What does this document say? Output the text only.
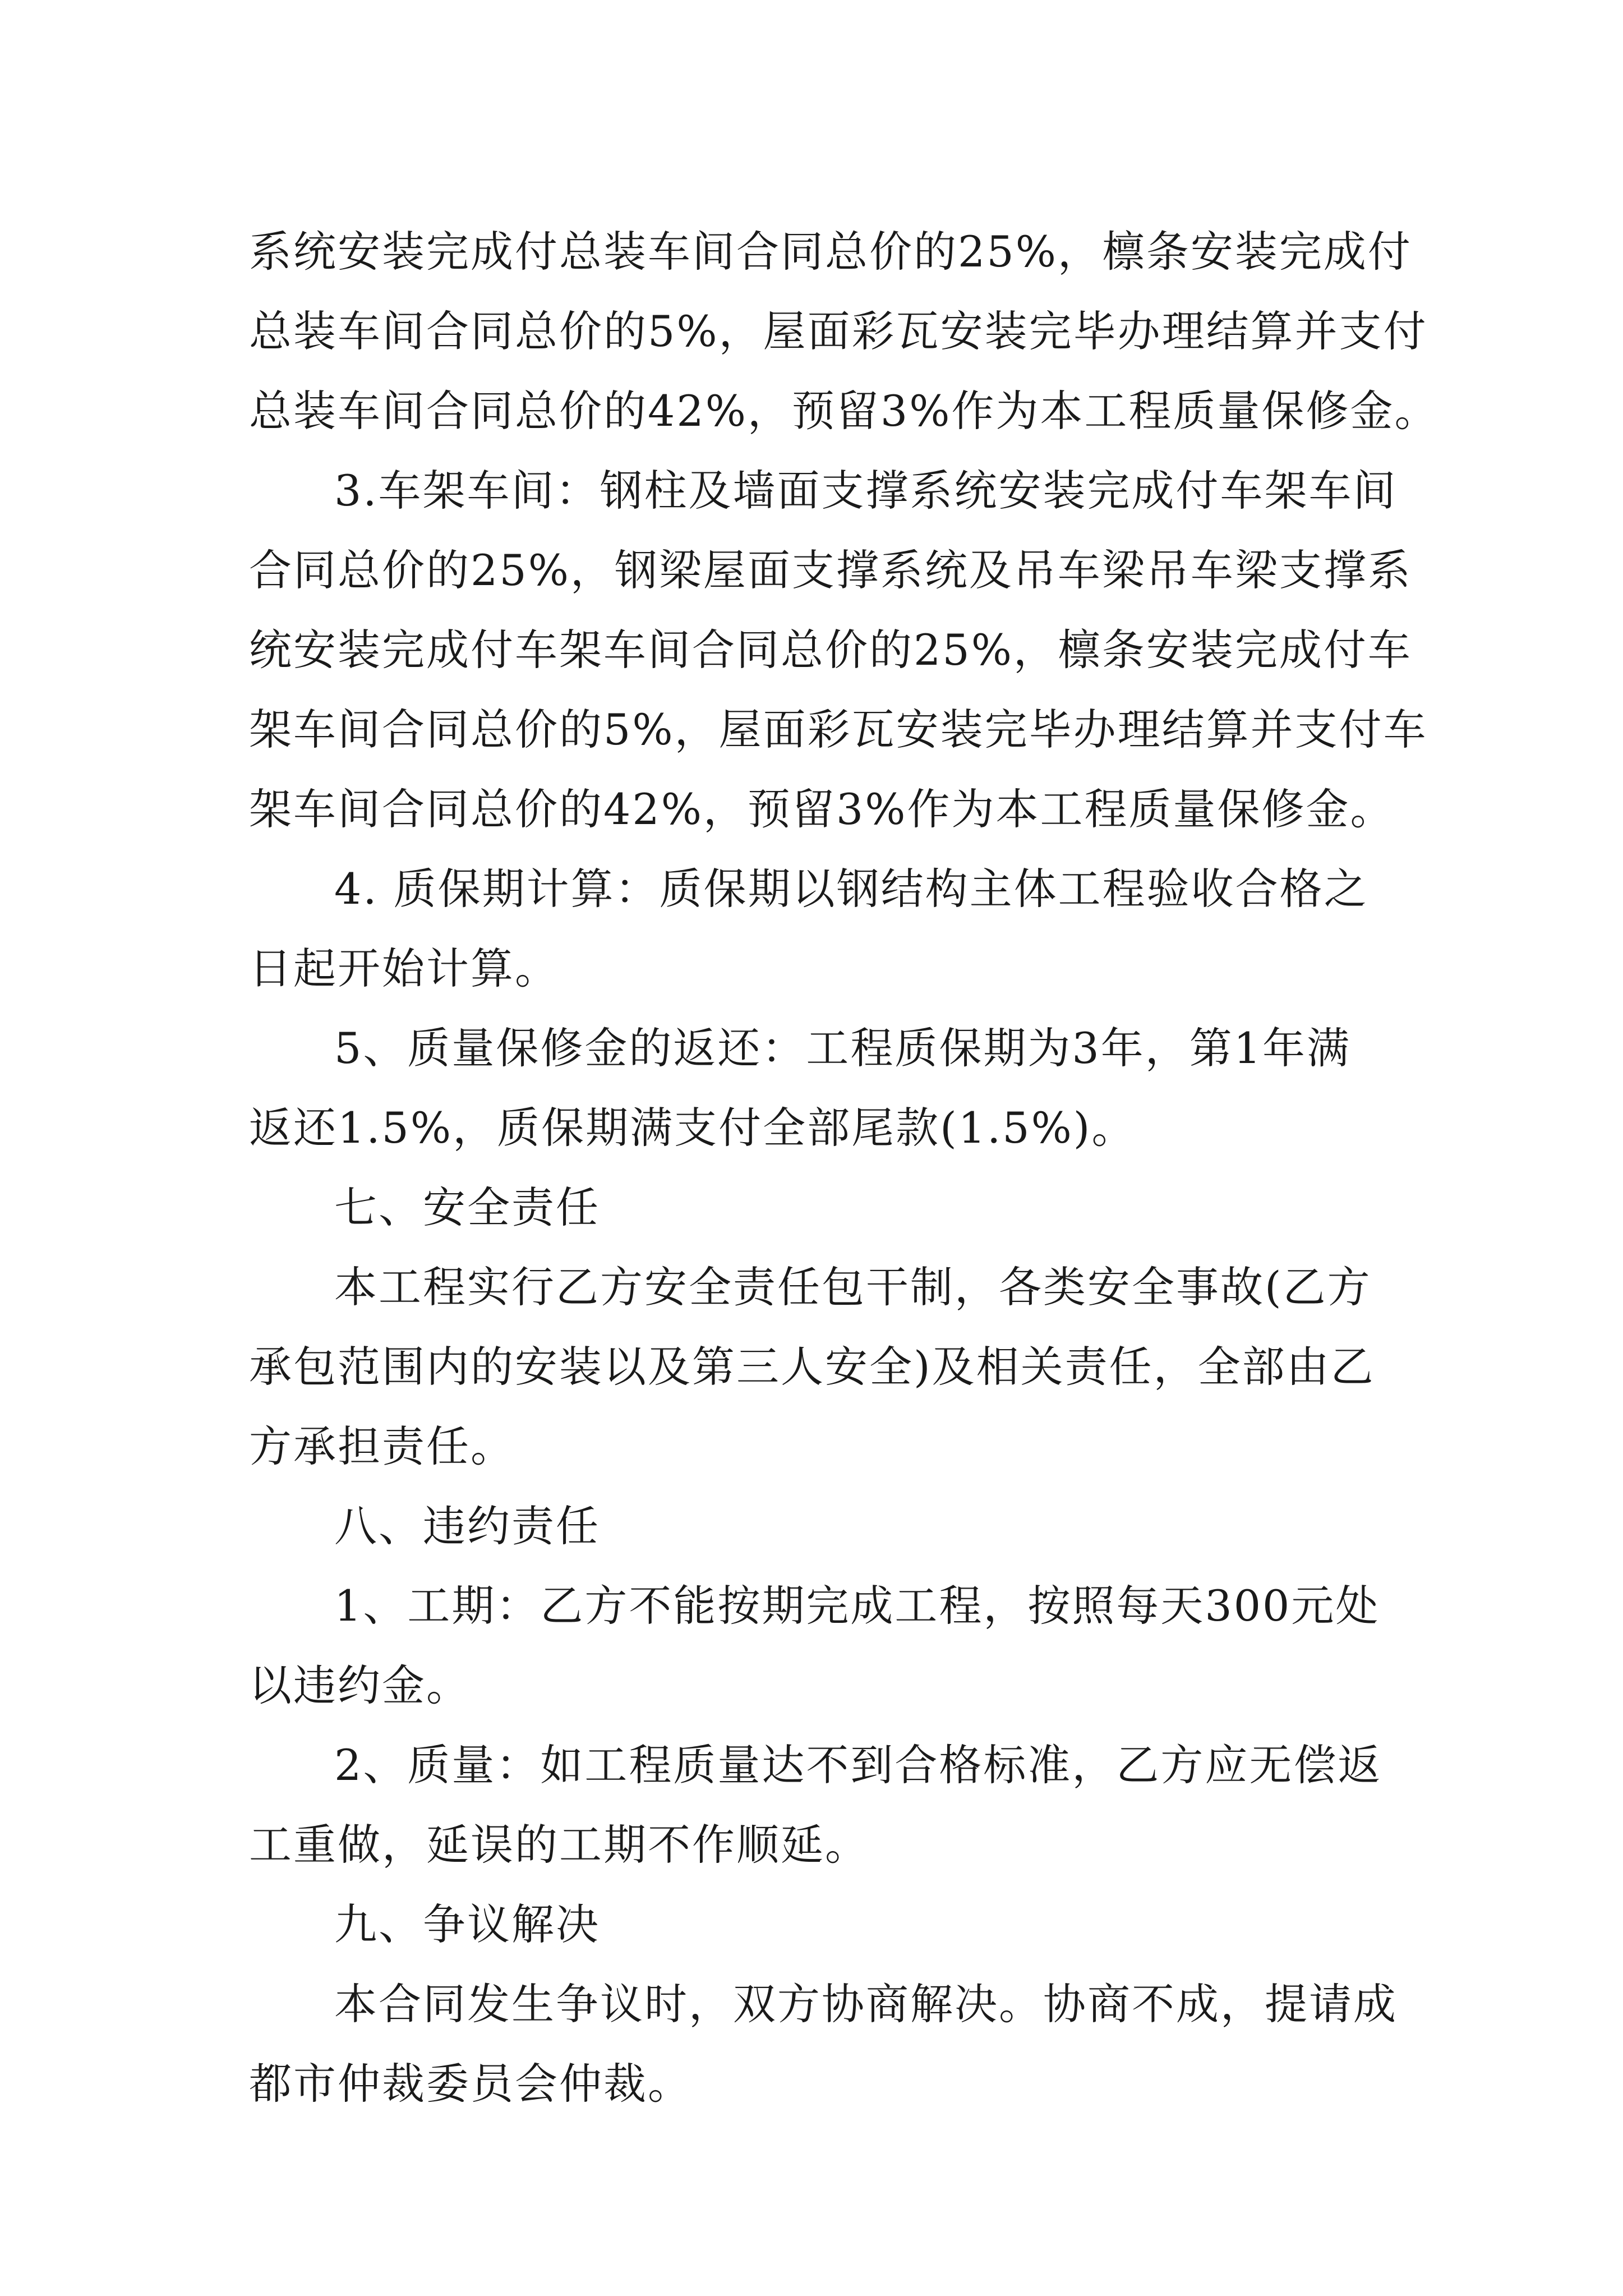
系统安装完成付总装车间合同总价的25%，檩条安装完成付
总装车间合同总价的5%，屋面彩瓦安装完毕办理结算并支付
总装车间合同总价的42%，预留3%作为本工程质量保修金。
3.车架车间：钢柱及墙面支撑系统安装完成付车架车间
合同总价的25%，钢梁屋面支撑系统及吊车梁吊车梁支撑系
统安装完成付车架车间合同总价的25%，檩条安装完成付车
架车间合同总价的5%，屋面彩瓦安装完毕办理结算并支付车
架车间合同总价的42%，预留3%作为本工程质量保修金。
4. 质保期计算：质保期以钢结构主体工程验收合格之
日起开始计算。
5、质量保修金的返还：工程质保期为3年，第1年满
返还1.5%，质保期满支付全部尾款(1.5%)。
七、安全责任
本工程实行乙方安全责任包干制，各类安全事故(乙方
承包范围内的安装以及第三人安全)及相关责任，全部由乙
方承担责任。
八、违约责任
1、工期：乙方不能按期完成工程，按照每天300元处
以违约金。
2、质量：如工程质量达不到合格标准，乙方应无偿返
工重做，延误的工期不作顺延。
九、争议解决
本合同发生争议时，双方协商解决。协商不成，提请成
都市仲裁委员会仲裁。
